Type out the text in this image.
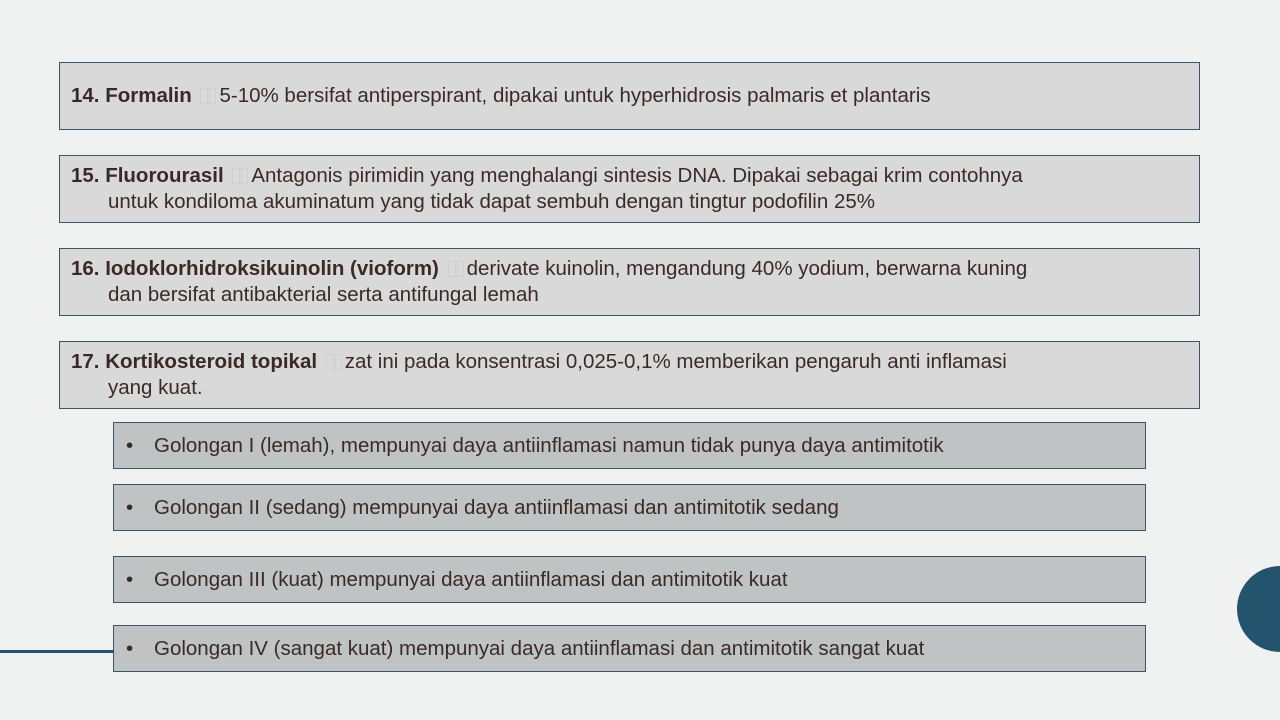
14. Formalin 5-10% bersifat antiperspirant, dipakai untuk hyperhidrosis palmaris et plantaris
15. Fluorourasil Antagonis pirimidin yang menghalangi sintesis DNA. Dipakai sebagai krim contohnya
untuk kondiloma akuminatum yang tidak dapat sembuh dengan tingtur podofilin 25%
16. Iodoklorhidroksikuinolin (vioform) derivate kuinolin, mengandung 40% yodium, berwarna kuning
dan bersifat antibakterial serta antifungal lemah
17. Kortikosteroid topikal zat ini pada konsentrasi 0,025-0,1% memberikan pengaruh anti inflamasi
yang kuat.
•	Golongan I (lemah), mempunyai daya antiinflamasi namun tidak punya daya antimitotik
•	Golongan II (sedang) mempunyai daya antiinflamasi dan antimitotik sedang
•	Golongan III (kuat) mempunyai daya antiinflamasi dan antimitotik kuat
•	Golongan IV (sangat kuat) mempunyai daya antiinflamasi dan antimitotik sangat kuat
